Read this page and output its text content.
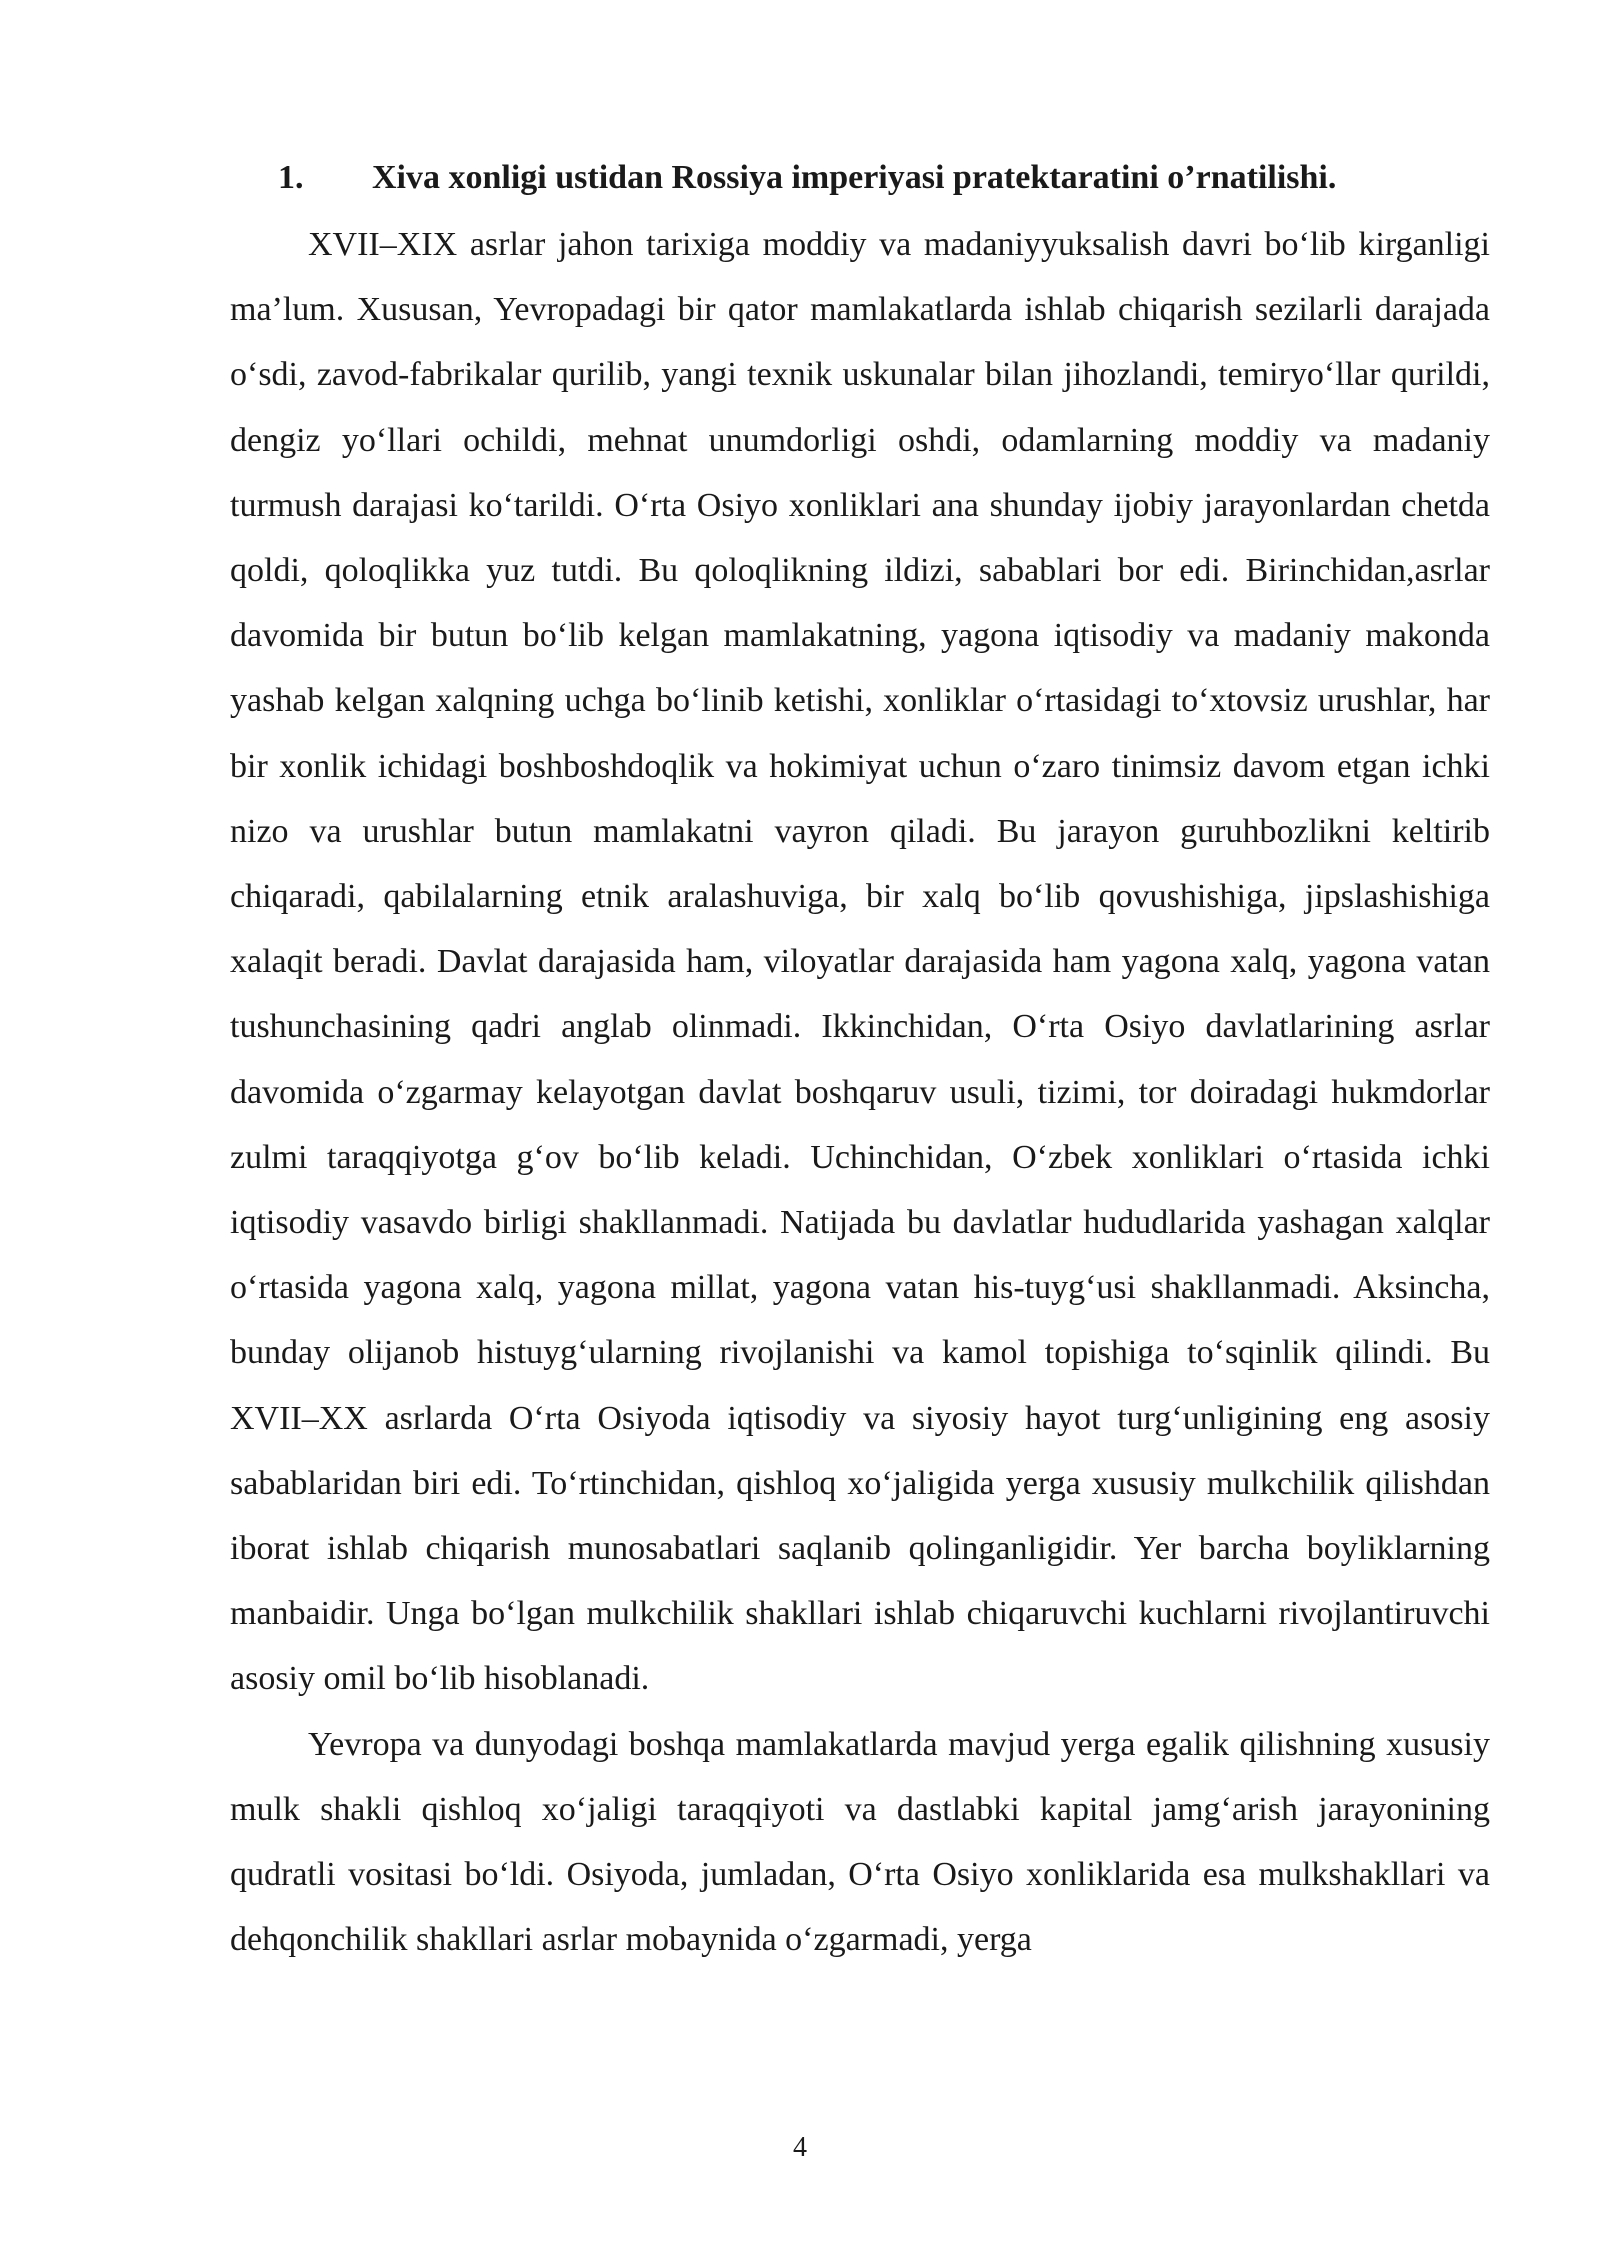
1. Xiva xonligi ustidan Rossiya imperiyasi pratektaratini o’rnatilishi.

XVII–XIX asrlar jahon tarixiga moddiy va madaniyyuksalish davri bo‘lib kirganligi ma’lum. Xususan, Yevropadagi bir qator mamlakatlarda ishlab chiqarish sezilarli darajada o‘sdi, zavod-fabrikalar qurilib, yangi texnik uskunalar bilan jihozlandi, temiryo‘llar qurildi, dengiz yo‘llari ochildi, mehnat unumdorligi oshdi, odamlarning moddiy va madaniy turmush darajasi ko‘tarildi. O‘rta Osiyo xonliklari ana shunday ijobiy jarayonlardan chetda qoldi, qoloqlikka yuz tutdi. Bu qoloqlikning ildizi, sabablari bor edi. Birinchidan,asrlar davomida bir butun bo‘lib kelgan mamlakatning, yagona iqtisodiy va madaniy makonda yashab kelgan xalqning uchga bo‘linib ketishi, xonliklar o‘rtasidagi to‘xtovsiz urushlar, har bir xonlik ichidagi boshboshdoqlik va hokimiyat uchun o‘zaro tinimsiz davom etgan ichki nizo va urushlar butun mamlakatni vayron qiladi. Bu jarayon guruhbozlikni keltirib chiqaradi, qabilalarning etnik aralashuviga, bir xalq bo‘lib qovushishiga, jipslashishiga xalaqit beradi. Davlat darajasida ham, viloyatlar darajasida ham yagona xalq, yagona vatan tushunchasining qadri anglab olinmadi. Ikkinchidan, O‘rta Osiyo davlatlarining asrlar davomida o‘zgarmay kelayotgan davlat boshqaruv usuli, tizimi, tor doiradagi hukmdorlar zulmi taraqqiyotga g‘ov bo‘lib keladi. Uchinchidan, O‘zbek xonliklari o‘rtasida ichki iqtisodiy vasavdo birligi shakllanmadi. Natijada bu davlatlar hududlarida yashagan xalqlar o‘rtasida yagona xalq, yagona millat, yagona vatan his-tuyg‘usi shakllanmadi. Aksincha, bunday olijanob histuyg‘ularning rivojlanishi va kamol topishiga to‘sqinlik qilindi. Bu XVII–XX asrlarda O‘rta Osiyoda iqtisodiy va siyosiy hayot turg‘unligining eng asosiy sabablaridan biri edi. To‘rtinchidan, qishloq xo‘jaligida yerga xususiy mulkchilik qilishdan iborat ishlab chiqarish munosabatlari saqlanib qolinganligidir. Yer barcha boyliklarning manbaidir. Unga bo‘lgan mulkchilik shakllari ishlab chiqaruvchi kuchlarni rivojlantiruvchi asosiy omil bo‘lib hisoblanadi.

Yevropa va dunyodagi boshqa mamlakatlarda mavjud yerga egalik qilishning xususiy mulk shakli qishloq xo‘jaligi taraqqiyoti va dastlabki kapital jamg‘arish jarayonining qudratli vositasi bo‘ldi. Osiyoda, jumladan, O‘rta Osiyo xonliklarida esa mulkshakllari va dehqonchilik shakllari asrlar mobaynida o‘zgarmadi, yerga

4
